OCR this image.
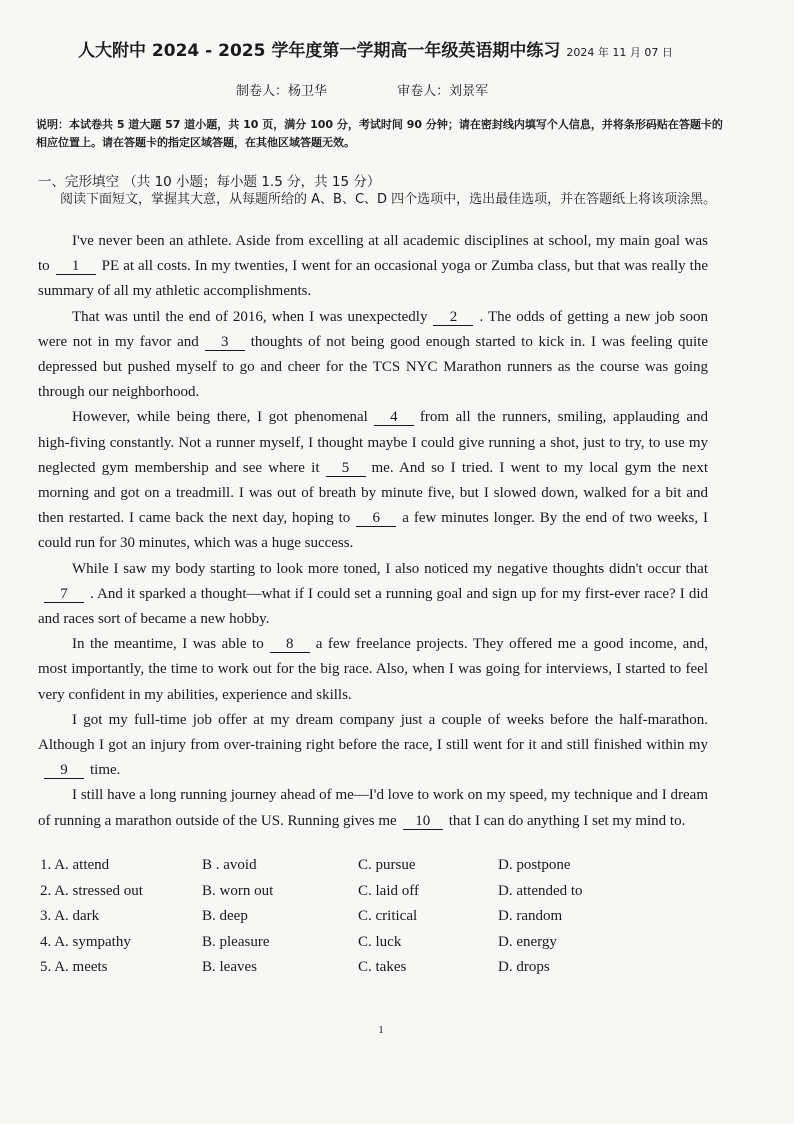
人大附中 2024 - 2025 学年度第一学期高一年级英语期中练习 2024 年 11 月 07 日
制卷人：杨卫华	审卷人：刘景军
说明：本试卷共 5 道大题 57 道小题，共 10 页，满分 100 分，考试时间 90 分钟；请在密封线内填写个人信息，并将条形码贴在答题卡的相应位置上。请在答题卡的指定区域答题，在其他区域答题无效。
一、完形填空 （共 10 小题；每小题 1.5 分，共 15 分）
阅读下面短文，掌握其大意，从每题所给的 A、B、C、D 四个选项中，选出最佳选项，并在答题纸上将该项涂黑。

I've never been an athlete. Aside from excelling at all academic disciplines at school, my main goal was to 1 PE at all costs. In my twenties, I went for an occasional yoga or Zumba class, but that was really the summary of all my athletic accomplishments.

That was until the end of 2016, when I was unexpectedly 2 . The odds of getting a new job soon were not in my favor and 3 thoughts of not being good enough started to kick in. I was feeling quite depressed but pushed myself to go and cheer for the TCS NYC Marathon runners as the course was going through our neighborhood.

However, while being there, I got phenomenal 4 from all the runners, smiling, applauding and high-fiving constantly. Not a runner myself, I thought maybe I could give running a shot, just to try, to use my neglected gym membership and see where it 5 me. And so I tried. I went to my local gym the next morning and got on a treadmill. I was out of breath by minute five, but I slowed down, walked for a bit and then restarted. I came back the next day, hoping to 6 a few minutes longer. By the end of two weeks, I could run for 30 minutes, which was a huge success.

While I saw my body starting to look more toned, I also noticed my negative thoughts didn't occur that7 . And it sparked a thought—what if I could set a running goal and sign up for my first-ever race? I did and races sort of became a new hobby.

In the meantime, I was able to 8 a few freelance projects. They offered me a good income, and, most importantly, the time to work out for the big race. Also, when I was going for interviews, I started to feel very confident in my abilities, experience and skills.

I got my full-time job offer at my dream company just a couple of weeks before the half-marathon. Although I got an injury from over-training right before the race, I still went for it and still finished within my9 time.

I still have a long running journey ahead of me—I'd love to work on my speed, my technique and I dream of running a marathon outside of the US. Running gives me 10 that I can do anything I set my mind to.

1. A. attend	B . avoid	C. pursue	D. postpone
2. A. stressed out	B. worn out	C. laid off	D. attended to
3. A. dark	B. deep	C. critical	D. random
4. A. sympathy	B. pleasure	C. luck	D. energy
5. A. meets	B. leaves	C. takes	D. drops
1
